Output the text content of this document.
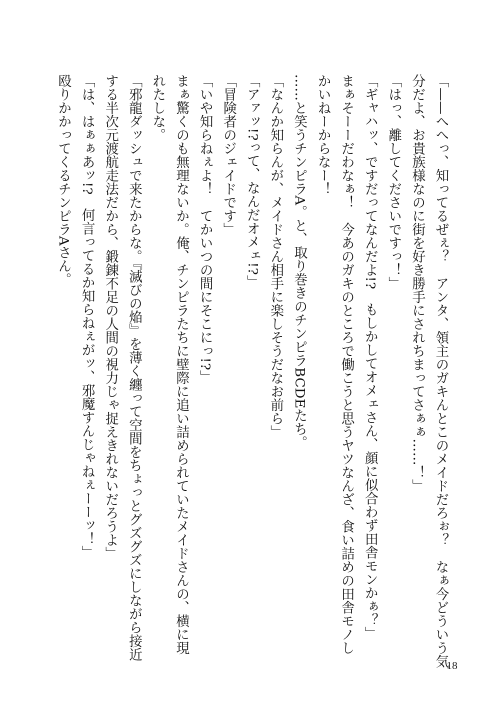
「——へへっ、知ってるぜぇ？　アンタ、領主のガキんとこのメイドだろぉ？　なぁ今どういう気
分だよ、お貴族様なのに街を好き勝手にされちまってさぁぁ……！」
「はっ、離してくださいですっ！」
「ギャハッ、ですだってなんだよ!?　もしかしてオメェさん、顔に似合わず田舎モンかぁ？」
まぁそーーだわなぁ！　今あのガキのところで働こうと思うヤツなんざ、食い詰めの田舎モノし
かいねーからなー！
……と笑うチンピラA。と、取り巻きのチンピラBCDEたち。
「なんか知らんが、メイドさん相手に楽しそうだなお前ら」
「アァッ!?って、なんだオメェ!?」
「冒険者のジェイドです」
「いや知らねぇよ！　てかいつの間にそこにっ!?」
まぁ驚くのも無理ないか。俺、チンピラたちに壁際に追い詰められていたメイドさんの、横に現
れたしな。
「邪龍ダッシュで来たからな。『滅びの焔』を薄く纏って空間をちょっとグズグズにしながら接近
する半次元渡航走法だから、鍛錬不足の人間の視力じゃ捉えきれないだろうよ」
「は、はぁぁあッ!?　何言ってるか知らねぇがッ、邪魔すんじゃねぇーーッ！」
殴りかかってくるチンピラAさん。
18
